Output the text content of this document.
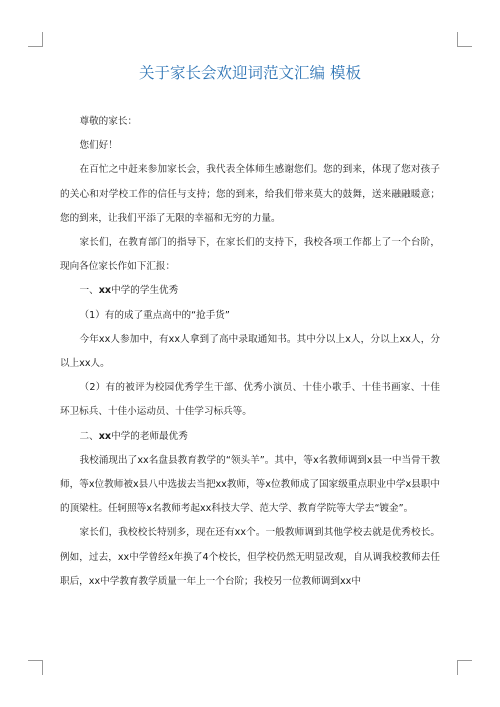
关于家长会欢迎词范文汇编 模板

尊敬的家长：

您们好！

在百忙之中赶来参加家长会，我代表全体师生感谢您们。您的到来，体现了您对孩子的关心和对学校工作的信任与支持；您的到来，给我们带来莫大的鼓舞，送来融融暖意；您的到来，让我们平添了无限的幸福和无穷的力量。

家长们，在教育部门的指导下，在家长们的支持下，我校各项工作都上了一个台阶，现向各位家长作如下汇报：

一、xx中学的学生优秀

（1）有的成了重点高中的“抢手货”

今年xx人参加中，有xx人拿到了高中录取通知书。其中分以上x人，分以上xx人，分以上xx人。

（2）有的被评为校园优秀学生干部、优秀小演员、十佳小歌手、十佳书画家、十佳环卫标兵、十佳小运动员、十佳学习标兵等。

二、xx中学的老师最优秀

我校涌现出了xx名盘县教育教学的“领头羊”。其中，等x名教师调到x县一中当骨干教师，等x位教师被x县八中选拔去当把xx教师，等x位教师成了国家级重点职业中学x县职中的顶梁柱。任轲照等x名教师考起xx科技大学、范大学、教育学院等大学去“镀金”。

家长们，我校校长特别多，现在还有xx个。一般教师调到其他学校去就是优秀校长。例如，过去，xx中学曾经x年换了4个校长，但学校仍然无明显改观，自从调我校教师去任职后，xx中学教育教学质量一年上一个台阶；我校另一位教师调到xx中
